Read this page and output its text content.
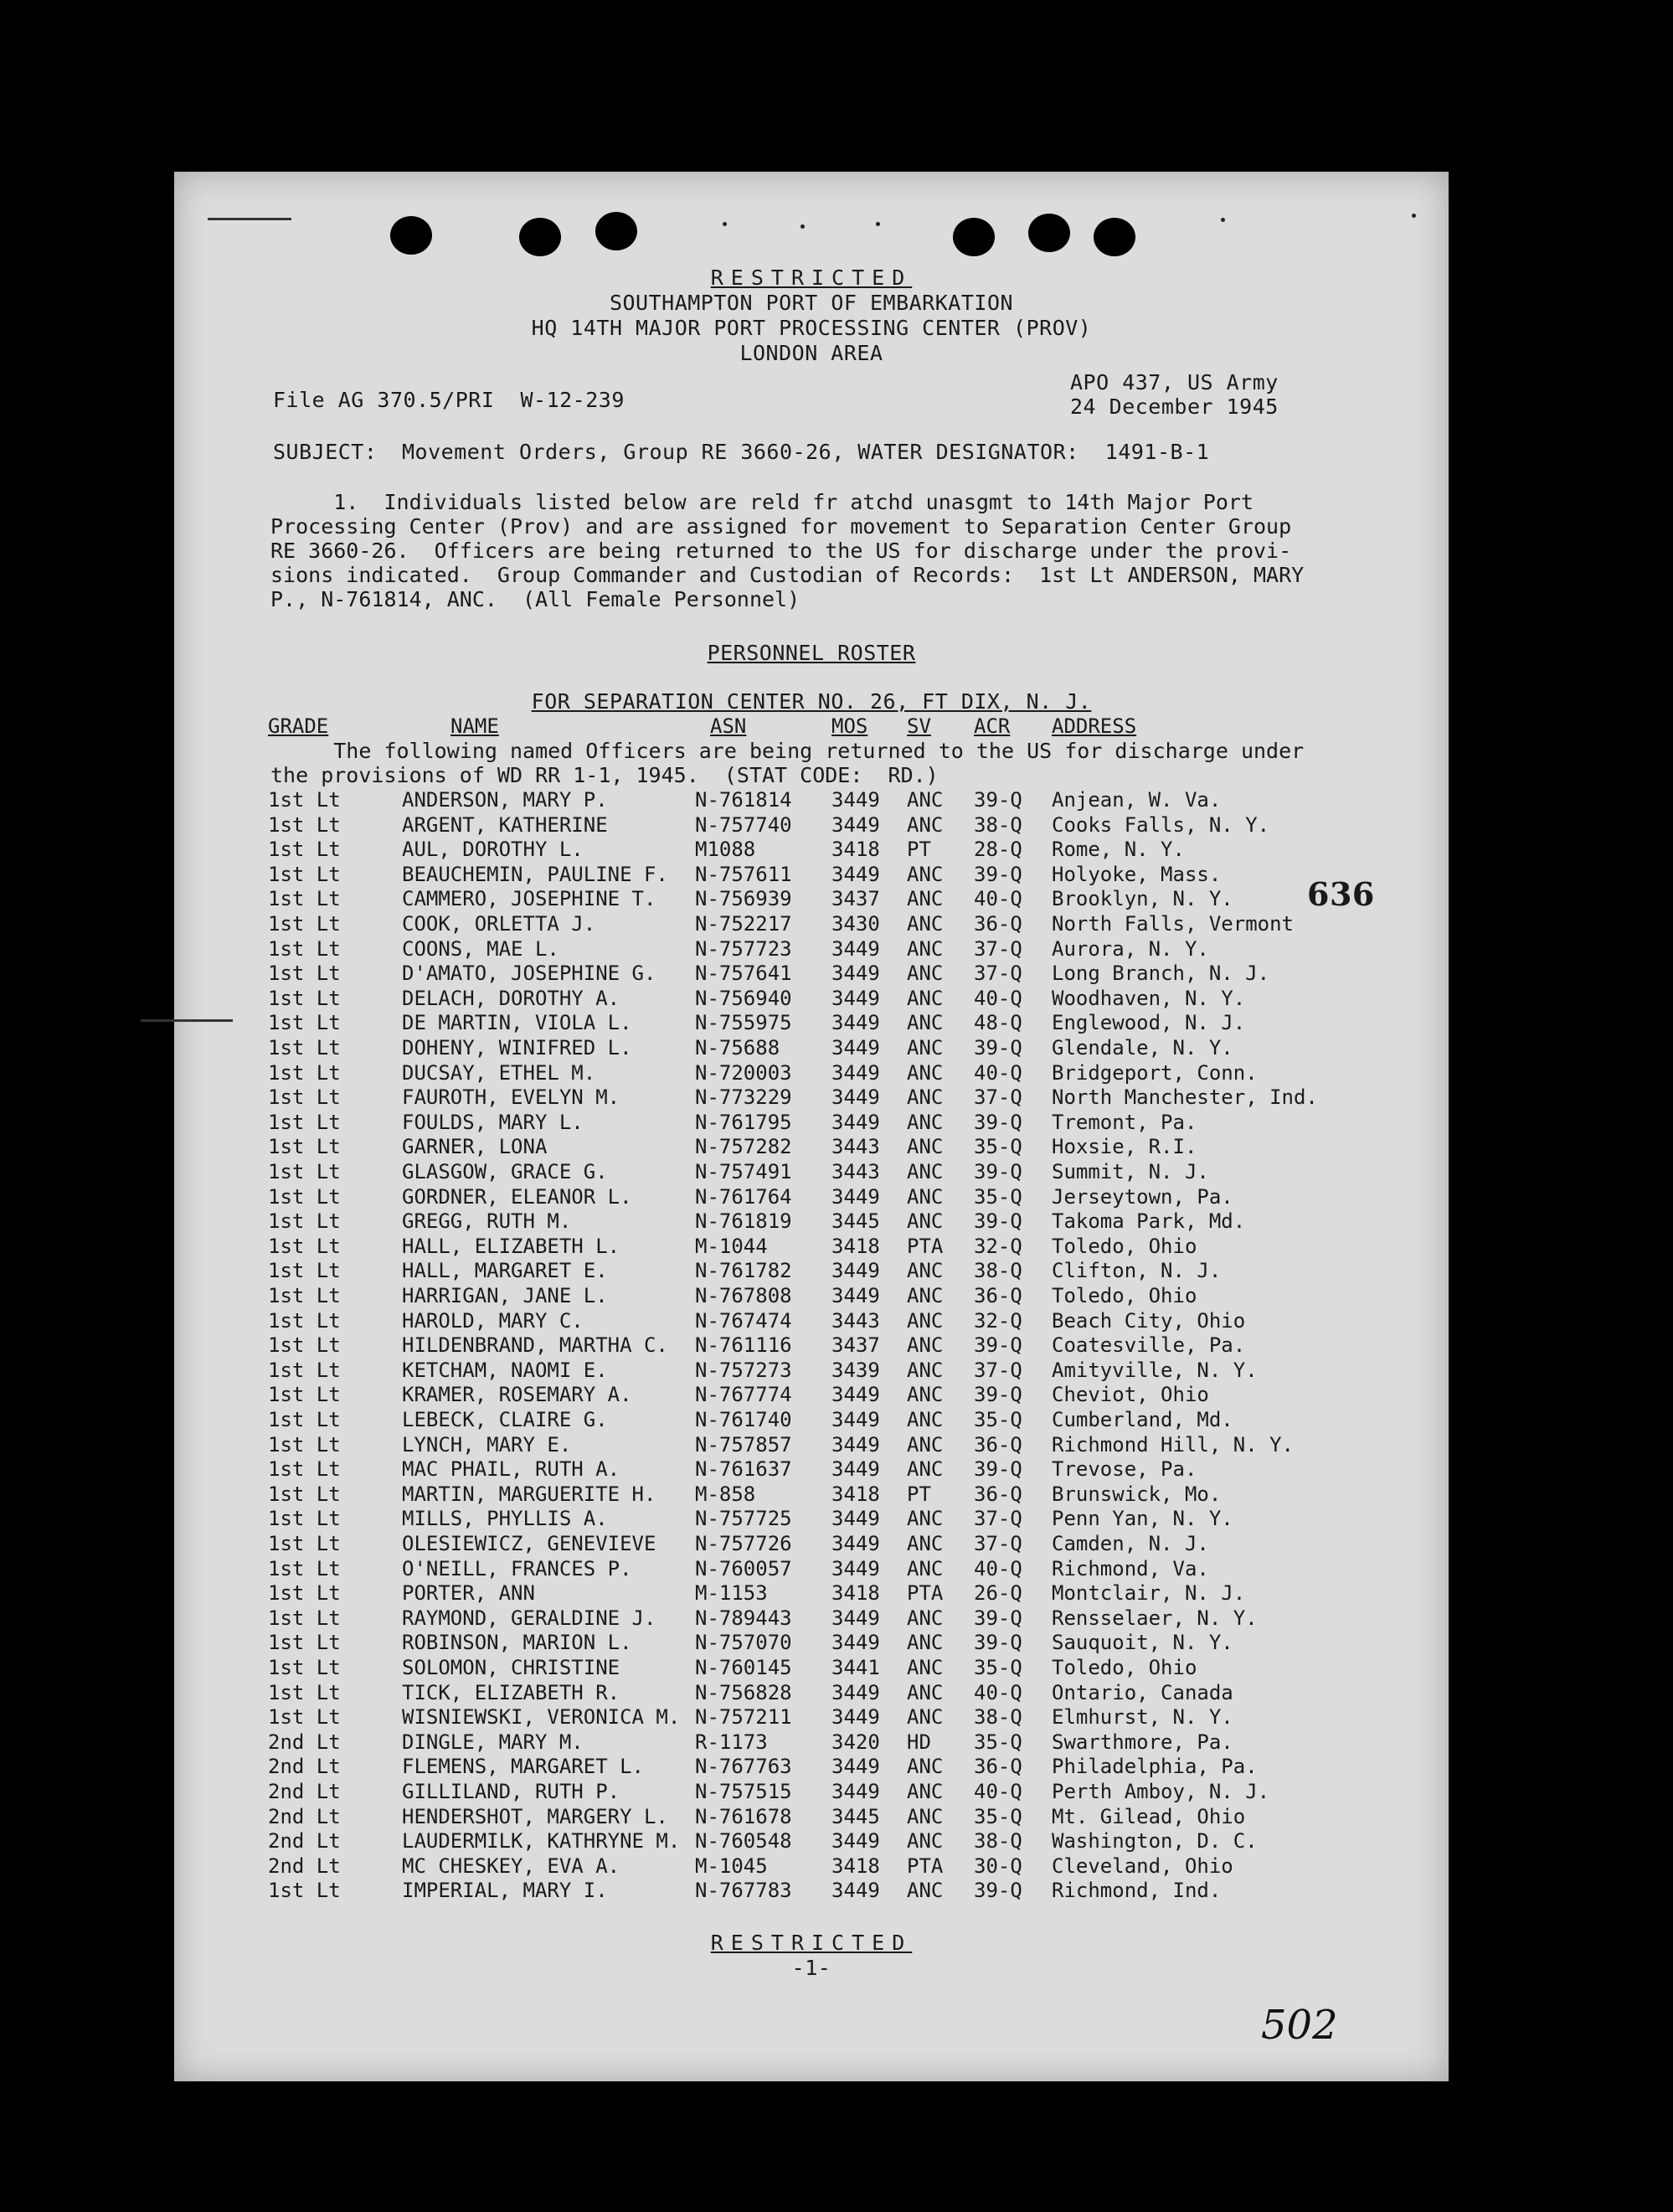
RESTRICTED
SOUTHAMPTON PORT OF EMBARKATION
HQ 14TH MAJOR PORT PROCESSING CENTER (PROV)
LONDON AREA
File AG 370.5/PRI  W-12-239
APO 437, US Army
24 December 1945
SUBJECT: Movement Orders, Group RE 3660-26, WATER DESIGNATOR:  1491-B-1
1.  Individuals listed below are reld fr atchd unasgmt to 14th Major Port
Processing Center (Prov) and are assigned for movement to Separation Center Group
RE 3660-26.  Officers are being returned to the US for discharge under the provi-
sions indicated.  Group Commander and Custodian of Records:  1st Lt ANDERSON, MARY
P., N-761814, ANC.  (All Female Personnel)
636
PERSONNEL ROSTER
FOR SEPARATION CENTER NO. 26, FT DIX, N. J.
GRADE	NAME	ASN	MOS SV ACR ADDRESS
The following named Officers are being returned to the US for discharge under
the provisions of WD RR 1-1, 1945.  (STAT CODE:  RD.)
1st Lt	ANDERSON, MARY P.	N-761814 3449 ANC 39-Q Anjean, W. Va.
1st Lt	ARGENT, KATHERINE	N-757740 3449 ANC 38-Q Cooks Falls, N. Y.
1st Lt	AUL, DOROTHY L.	M1088	3418 PT 28-Q Rome, N. Y.
1st Lt	BEAUCHEMIN, PAULINE F. N-757611 3449 ANC 39-Q Holyoke, Mass.
1st Lt	CAMMERO, JOSEPHINE T. N-756939 3437 ANC 40-Q Brooklyn, N. Y.
1st Lt	COOK, ORLETTA J.	N-752217 3430 ANC 36-Q North Falls, Vermont
1st Lt	COONS, MAE L.	N-757723 3449 ANC 37-Q Aurora, N. Y.
1st Lt	D'AMATO, JOSEPHINE G. N-757641 3449 ANC 37-Q Long Branch, N. J.
1st Lt	DELACH, DOROTHY A.	N-756940 3449 ANC 40-Q Woodhaven, N. Y.
1st Lt	DE MARTIN, VIOLA L.	N-755975 3449 ANC 48-Q Englewood, N. J.
1st Lt	DOHENY, WINIFRED L.	N-75688	3449 ANC 39-Q Glendale, N. Y.
1st Lt	DUCSAY, ETHEL M.	N-720003 3449 ANC 40-Q Bridgeport, Conn.
1st Lt	FAUROTH, EVELYN M.	N-773229 3449 ANC 37-Q North Manchester, Ind.
1st Lt	FOULDS, MARY L.	N-761795 3449 ANC 39-Q Tremont, Pa.
1st Lt	GARNER, LONA	N-757282 3443 ANC 35-Q Hoxsie, R.I.
1st Lt	GLASGOW, GRACE G.	N-757491 3443 ANC 39-Q Summit, N. J.
1st Lt	GORDNER, ELEANOR L.	N-761764 3449 ANC 35-Q Jerseytown, Pa.
1st Lt	GREGG, RUTH M.	N-761819 3445 ANC 39-Q Takoma Park, Md.
1st Lt	HALL, ELIZABETH L.	M-1044	3418 PTA 32-Q Toledo, Ohio
1st Lt	HALL, MARGARET E.	N-761782 3449 ANC 38-Q Clifton, N. J.
1st Lt	HARRIGAN, JANE L.	N-767808 3449 ANC 36-Q Toledo, Ohio
1st Lt	HAROLD, MARY C.	N-767474 3443 ANC 32-Q Beach City, Ohio
1st Lt	HILDENBRAND, MARTHA C. N-761116 3437 ANC 39-Q Coatesville, Pa.
1st Lt	KETCHAM, NAOMI E.	N-757273 3439 ANC 37-Q Amityville, N. Y.
1st Lt	KRAMER, ROSEMARY A.	N-767774 3449 ANC 39-Q Cheviot, Ohio
1st Lt	LEBECK, CLAIRE G.	N-761740 3449 ANC 35-Q Cumberland, Md.
1st Lt	LYNCH, MARY E.	N-757857 3449 ANC 36-Q Richmond Hill, N. Y.
1st Lt	MAC PHAIL, RUTH A.	N-761637 3449 ANC 39-Q Trevose, Pa.
1st Lt	MARTIN, MARGUERITE H. M-858	3418 PT 36-Q Brunswick, Mo.
1st Lt	MILLS, PHYLLIS A.	N-757725 3449 ANC 37-Q Penn Yan, N. Y.
1st Lt	OLESIEWICZ, GENEVIEVE N-757726 3449 ANC 37-Q Camden, N. J.
1st Lt	O'NEILL, FRANCES P.	N-760057 3449 ANC 40-Q Richmond, Va.
1st Lt	PORTER, ANN	M-1153	3418 PTA 26-Q Montclair, N. J.
1st Lt	RAYMOND, GERALDINE J. N-789443 3449 ANC 39-Q Rensselaer, N. Y.
1st Lt	ROBINSON, MARION L.	N-757070 3449 ANC 39-Q Sauquoit, N. Y.
1st Lt	SOLOMON, CHRISTINE	N-760145 3441 ANC 35-Q Toledo, Ohio
1st Lt	TICK, ELIZABETH R.	N-756828 3449 ANC 40-Q Ontario, Canada
1st Lt	WISNIEWSKI, VERONICA M. N-757211 3449 ANC 38-Q Elmhurst, N. Y.
2nd Lt	DINGLE, MARY M.	R-1173	3420 HD 35-Q Swarthmore, Pa.
2nd Lt	FLEMENS, MARGARET L.	N-767763 3449 ANC 36-Q Philadelphia, Pa.
2nd Lt	GILLILAND, RUTH P.	N-757515 3449 ANC 40-Q Perth Amboy, N. J.
2nd Lt	HENDERSHOT, MARGERY L. N-761678 3445 ANC 35-Q Mt. Gilead, Ohio
2nd Lt	LAUDERMILK, KATHRYNE M. N-760548 3449 ANC 38-Q Washington, D. C.
2nd Lt	MC CHESKEY, EVA A.	M-1045	3418 PTA 30-Q Cleveland, Ohio
1st Lt	IMPERIAL, MARY I.	N-767783 3449 ANC 39-Q Richmond, Ind.
RESTRICTED
-1-
502
